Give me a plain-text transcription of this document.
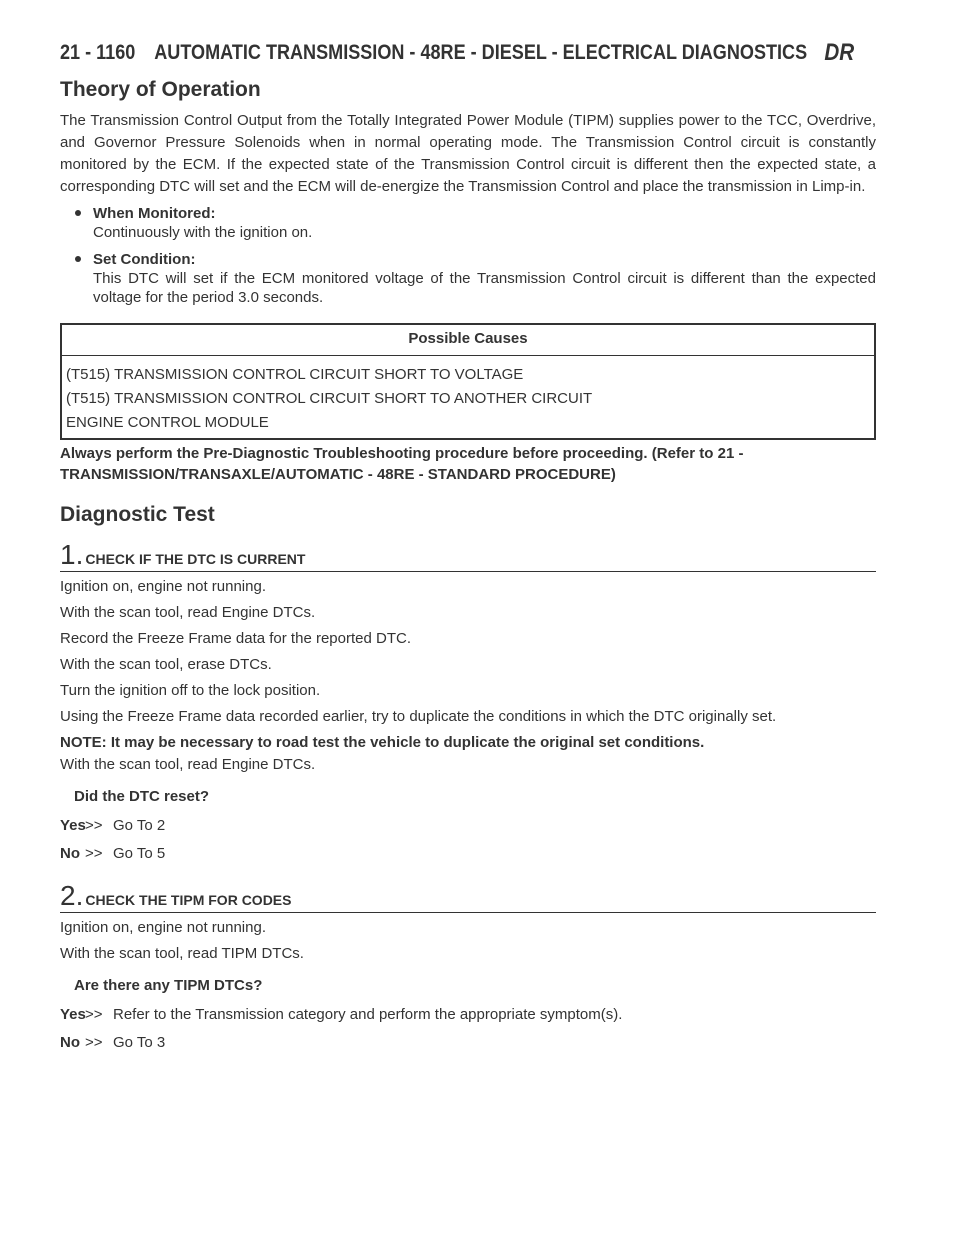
21 - 1160 AUTOMATIC TRANSMISSION - 48RE - DIESEL - ELECTRICAL DIAGNOSTICS DR
Theory of Operation

The Transmission Control Output from the Totally Integrated Power Module (TIPM) supplies power to the TCC, Overdrive, and Governor Pressure Solenoids when in normal operating mode. The Transmission Control circuit is constantly monitored by the ECM. If the expected state of the Transmission Control circuit is different then the expected state, a corresponding DTC will set and the ECM will de-energize the Transmission Control and place the transmission in Limp-in.

When Monitored:
Continuously with the ignition on.
Set Condition:
This DTC will set if the ECM monitored voltage of the Transmission Control circuit is different than the expected voltage for the period 3.0 seconds.
Possible Causes

(T515) TRANSMISSION CONTROL CIRCUIT SHORT TO VOLTAGE

(T515) TRANSMISSION CONTROL CIRCUIT SHORT TO ANOTHER CIRCUIT

ENGINE CONTROL MODULE

Always perform the Pre-Diagnostic Troubleshooting procedure before proceeding. (Refer to 21 - TRANSMISSION/TRANSAXLE/AUTOMATIC - 48RE - STANDARD PROCEDURE)

Diagnostic Test
1. CHECK IF THE DTC IS CURRENT

Ignition on, engine not running.

With the scan tool, read Engine DTCs.

Record the Freeze Frame data for the reported DTC.

With the scan tool, erase DTCs.

Turn the ignition off to the lock position.

Using the Freeze Frame data recorded earlier, try to duplicate the conditions in which the DTC originally set.

NOTE: It may be necessary to road test the vehicle to duplicate the original set conditions.

With the scan tool, read Engine DTCs.

Did the DTC reset?
Yes >> Go To 2
No >> Go To 5
2. CHECK THE TIPM FOR CODES

Ignition on, engine not running.

With the scan tool, read TIPM DTCs.

Are there any TIPM DTCs?
Yes >> Refer to the Transmission category and perform the appropriate symptom(s).
No >> Go To 3
